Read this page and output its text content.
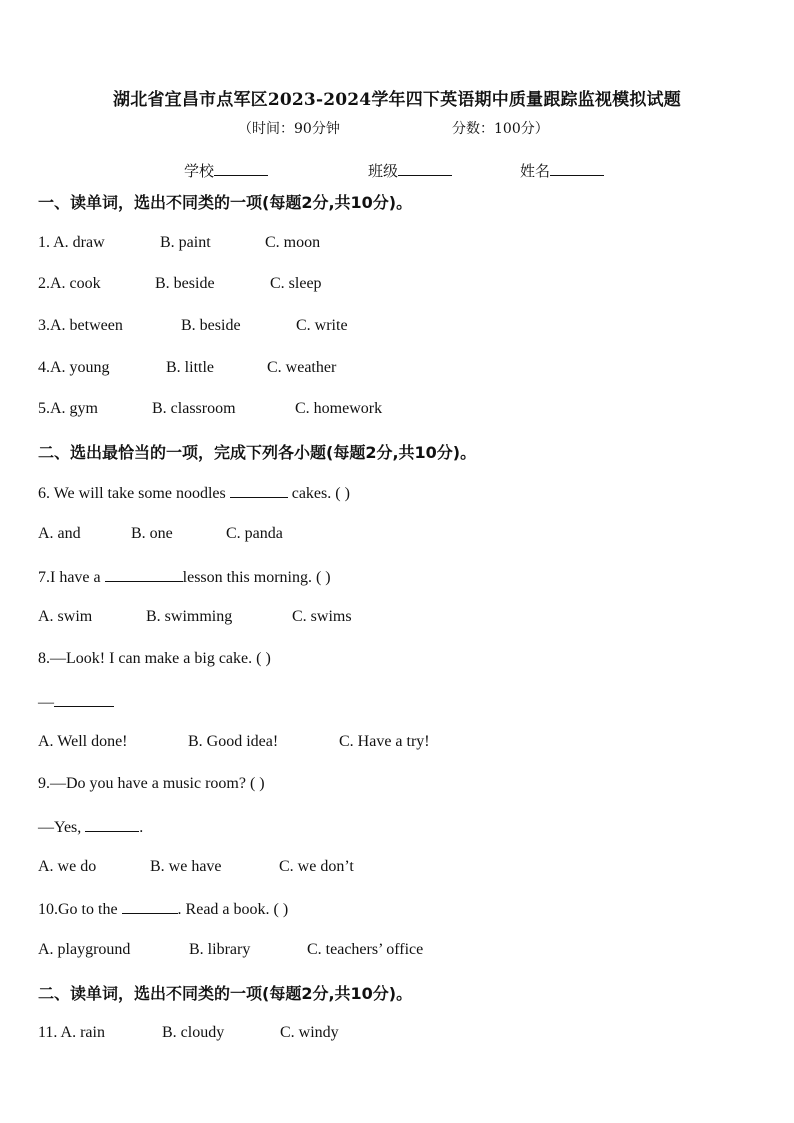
湖北省宜昌市点军区2023-2024学年四下英语期中质量跟踪监视模拟试题
（时间：90分钟	分数：100分）
学校	班级	姓名
一、读单词，选出不同类的一项(每题2分,共10分)。
1. A. draw	B. paint	C. moon
2.A. cook	B. beside	C. sleep
3.A. between	B. beside	C. write
4.A. young	B. little	C. weather
5.A. gym	B. classroom	C. homework
二、选出最恰当的一项，完成下列各小题(每题2分,共10分)。
6. We will take some noodles	cakes. ( )
A. and	B. one	C. panda
7.I have a	lesson this morning. ( )
A. swim	B. swimming	C. swims
8.—Look! I can make a big cake. ( )
—
A. Well done!	B. Good idea!	C. Have a try!
9.—Do you have a music room? ( )
—Yes,	.
A. we do	B. we have	C. we don’t
10.Go to the	. Read a book. ( )
A. playground	B. library	C. teachers’ office
二、读单词，选出不同类的一项(每题2分,共10分)。
11. A. rain	B. cloudy	C. windy
